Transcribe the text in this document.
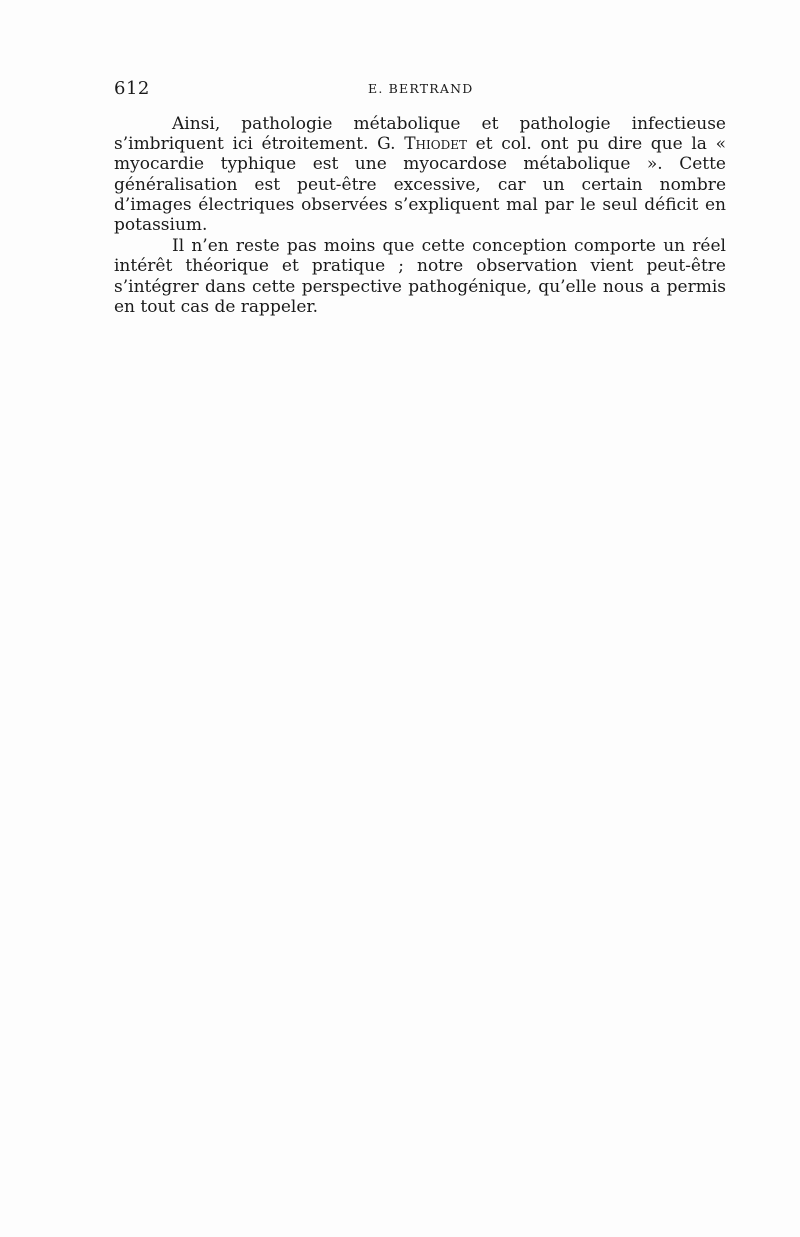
612	E. BERTRAND

Ainsi, pathologie métabolique et pathologie infectieuse s’imbriquent ici étroitement. G. Thiodet et col. ont pu dire que la « myocardie typhique est une myocardose métabolique ». Cette généralisation est peut-être excessive, car un certain nombre d’images électriques observées s’expliquent mal par le seul déficit en potassium.

Il n’en reste pas moins que cette conception comporte un réel intérêt théorique et pratique ; notre observation vient peut-être s’intégrer dans cette perspective pathogénique, qu’elle nous a permis en tout cas de rappeler.
